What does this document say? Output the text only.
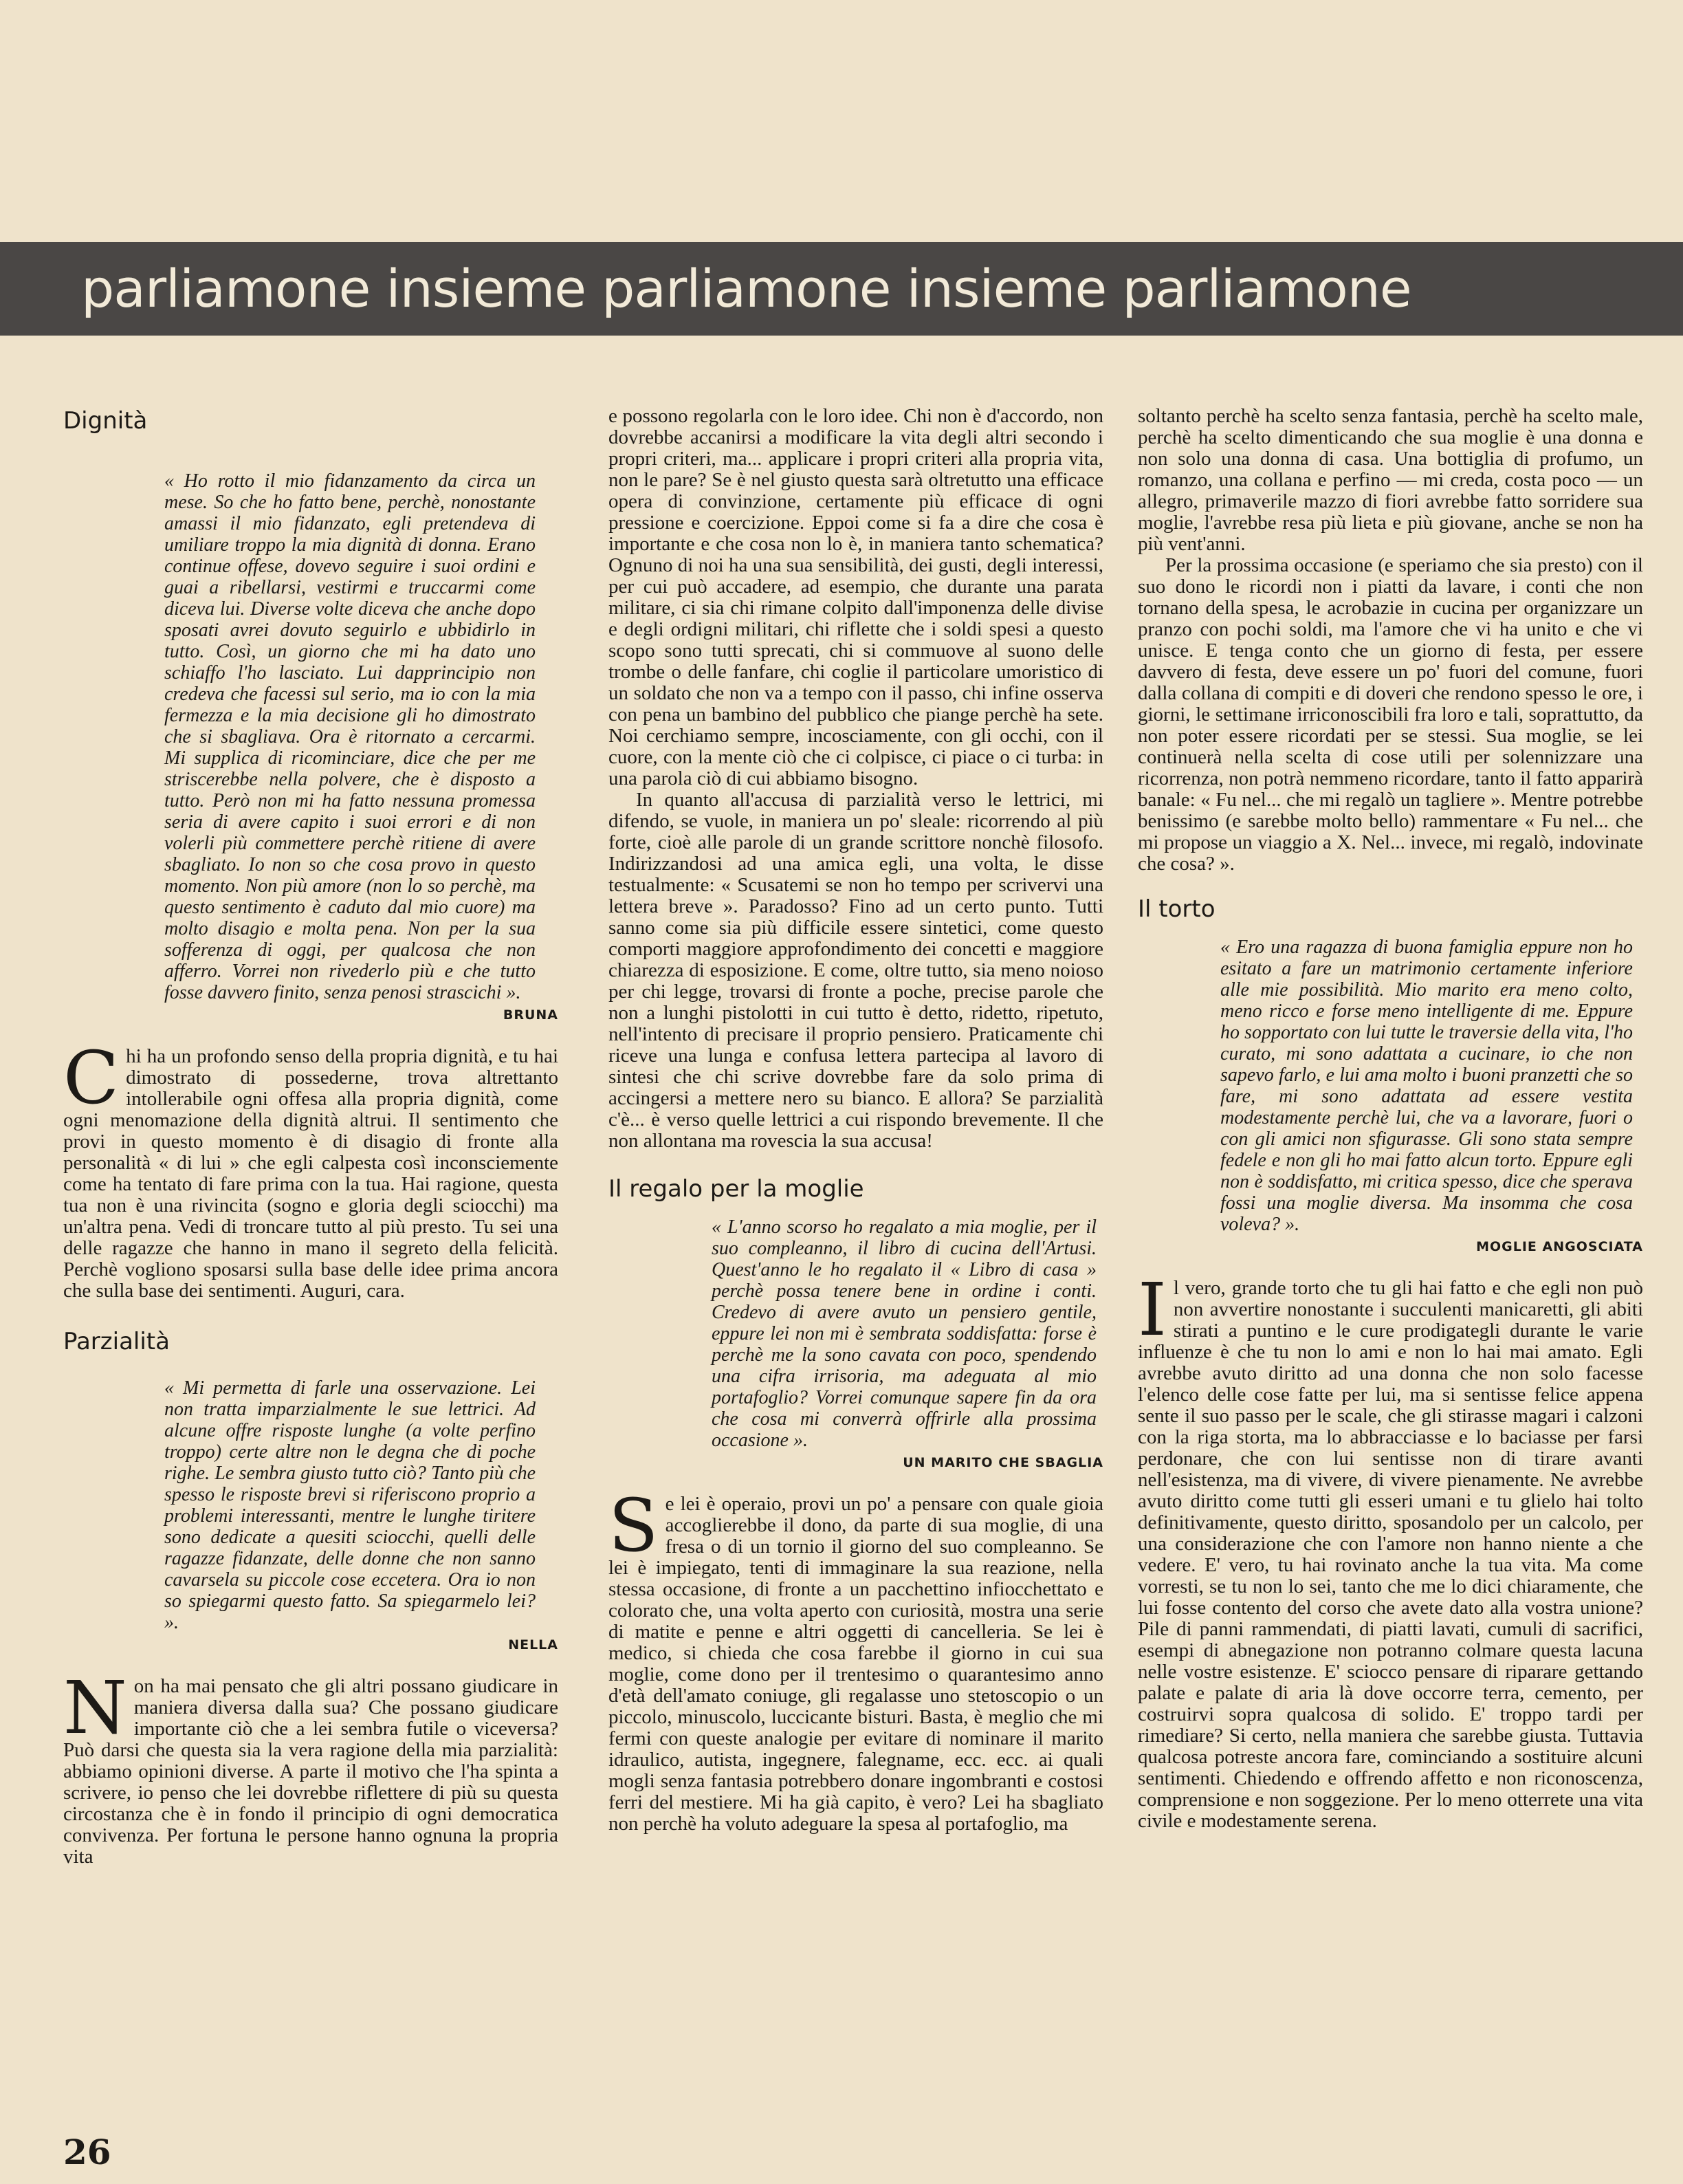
parliamone insieme parliamone insieme parliamone
Dignità

« Ho rotto il mio fidanzamento da circa un mese. So che ho fatto bene, perchè, nonostante amassi il mio fidanzato, egli pretendeva di umiliare troppo la mia dignità di donna. Erano continue offese, dovevo seguire i suoi ordini e guai a ribellarsi, vestirmi e truccarmi come diceva lui. Diverse volte diceva che anche dopo sposati avrei dovuto seguirlo e ubbidirlo in tutto. Così, un giorno che mi ha dato uno schiaffo l'ho lasciato. Lui dapprincipio non credeva che facessi sul serio, ma io con la mia fermezza e la mia decisione gli ho dimostrato che si sbagliava. Ora è ritornato a cercarmi. Mi supplica di ricominciare, dice che per me striscerebbe nella polvere, che è disposto a tutto. Però non mi ha fatto nessuna promessa seria di avere capito i suoi errori e di non volerli più commettere perchè ritiene di avere sbagliato. Io non so che cosa provo in questo momento. Non più amore (non lo so perchè, ma questo sentimento è caduto dal mio cuore) ma molto disagio e molta pena. Non per la sua sofferenza di oggi, per qualcosa che non afferro. Vorrei non rivederlo più e che tutto fosse davvero finito, senza penosi strascichi ».

BRUNA

Chi ha un profondo senso della propria dignità, e tu hai dimostrato di possederne, trova altrettanto intollerabile ogni offesa alla propria dignità, come ogni menomazione della dignità altrui. Il sentimento che provi in questo momento è di disagio di fronte alla personalità « di lui » che egli calpesta così inconsciemente come ha tentato di fare prima con la tua. Hai ragione, questa tua non è una rivincita (sogno e gloria degli sciocchi) ma un'altra pena. Vedi di troncare tutto al più presto. Tu sei una delle ragazze che hanno in mano il segreto della felicità. Perchè vogliono sposarsi sulla base delle idee prima ancora che sulla base dei sentimenti. Auguri, cara.

Parzialità

« Mi permetta di farle una osservazione. Lei non tratta imparzialmente le sue lettrici. Ad alcune offre risposte lunghe (a volte perfino troppo) certe altre non le degna che di poche righe. Le sembra giusto tutto ciò? Tanto più che spesso le risposte brevi si riferiscono proprio a problemi interessanti, mentre le lunghe tiritere sono dedicate a quesiti sciocchi, quelli delle ragazze fidanzate, delle donne che non sanno cavarsela su piccole cose eccetera. Ora io non so spiegarmi questo fatto. Sa spiegarmelo lei? ».

NELLA

Non ha mai pensato che gli altri possano giudicare in maniera diversa dalla sua? Che possano giudicare importante ciò che a lei sembra futile o viceversa? Può darsi che questa sia la vera ragione della mia parzialità: abbiamo opinioni diverse. A parte il motivo che l'ha spinta a scrivere, io penso che lei dovrebbe riflettere di più su questa circostanza che è in fondo il principio di ogni democratica convivenza. Per fortuna le persone hanno ognuna la propria vita

e possono regolarla con le loro idee. Chi non è d'accordo, non dovrebbe accanirsi a modificare la vita degli altri secondo i propri criteri, ma... applicare i propri criteri alla propria vita, non le pare? Se è nel giusto questa sarà oltretutto una efficace opera di convinzione, certamente più efficace di ogni pressione e coercizione. Eppoi come si fa a dire che cosa è importante e che cosa non lo è, in maniera tanto schematica? Ognuno di noi ha una sua sensibilità, dei gusti, degli interessi, per cui può accadere, ad esempio, che durante una parata militare, ci sia chi rimane colpito dall'imponenza delle divise e degli ordigni militari, chi riflette che i soldi spesi a questo scopo sono tutti sprecati, chi si commuove al suono delle trombe o delle fanfare, chi coglie il particolare umoristico di un soldato che non va a tempo con il passo, chi infine osserva con pena un bambino del pubblico che piange perchè ha sete. Noi cerchiamo sempre, incosciamente, con gli occhi, con il cuore, con la mente ciò che ci colpisce, ci piace o ci turba: in una parola ciò di cui abbiamo bisogno.

In quanto all'accusa di parzialità verso le lettrici, mi difendo, se vuole, in maniera un po' sleale: ricorrendo al più forte, cioè alle parole di un grande scrittore nonchè filosofo. Indirizzandosi ad una amica egli, una volta, le disse testualmente: « Scusatemi se non ho tempo per scrivervi una lettera breve ». Paradosso? Fino ad un certo punto. Tutti sanno come sia più difficile essere sintetici, come questo comporti maggiore approfondimento dei concetti e maggiore chiarezza di esposizione. E come, oltre tutto, sia meno noioso per chi legge, trovarsi di fronte a poche, precise parole che non a lunghi pistolotti in cui tutto è detto, ridetto, ripetuto, nell'intento di precisare il proprio pensiero. Praticamente chi riceve una lunga e confusa lettera partecipa al lavoro di sintesi che chi scrive dovrebbe fare da solo prima di accingersi a mettere nero su bianco. E allora? Se parzialità c'è... è verso quelle lettrici a cui rispondo brevemente. Il che non allontana ma rovescia la sua accusa!

Il regalo per la moglie

« L'anno scorso ho regalato a mia moglie, per il suo compleanno, il libro di cucina dell'Artusi. Quest'anno le ho regalato il « Libro di casa » perchè possa tenere bene in ordine i conti. Credevo di avere avuto un pensiero gentile, eppure lei non mi è sembrata soddisfatta: forse è perchè me la sono cavata con poco, spendendo una cifra irrisoria, ma adeguata al mio portafoglio? Vorrei comunque sapere fin da ora che cosa mi converrà offrirle alla prossima occasione ».

UN MARITO CHE SBAGLIA

Se lei è operaio, provi un po' a pensare con quale gioia accoglierebbe il dono, da parte di sua moglie, di una fresa o di un tornio il giorno del suo compleanno. Se lei è impiegato, tenti di immaginare la sua reazione, nella stessa occasione, di fronte a un pacchettino infiocchettato e colorato che, una volta aperto con curiosità, mostra una serie di matite e penne e altri oggetti di cancelleria. Se lei è medico, si chieda che cosa farebbe il giorno in cui sua moglie, come dono per il trentesimo o quarantesimo anno d'età dell'amato coniuge, gli regalasse uno stetoscopio o un piccolo, minuscolo, luccicante bisturi. Basta, è meglio che mi fermi con queste analogie per evitare di nominare il marito idraulico, autista, ingegnere, falegname, ecc. ecc. ai quali mogli senza fantasia potrebbero donare ingombranti e costosi ferri del mestiere. Mi ha già capito, è vero? Lei ha sbagliato non perchè ha voluto adeguare la spesa al portafoglio, ma

soltanto perchè ha scelto senza fantasia, perchè ha scelto male, perchè ha scelto dimenticando che sua moglie è una donna e non solo una donna di casa. Una bottiglia di profumo, un romanzo, una collana e perfino — mi creda, costa poco — un allegro, primaverile mazzo di fiori avrebbe fatto sorridere sua moglie, l'avrebbe resa più lieta e più giovane, anche se non ha più vent'anni.

Per la prossima occasione (e speriamo che sia presto) con il suo dono le ricordi non i piatti da lavare, i conti che non tornano della spesa, le acrobazie in cucina per organizzare un pranzo con pochi soldi, ma l'amore che vi ha unito e che vi unisce. E tenga conto che un giorno di festa, per essere davvero di festa, deve essere un po' fuori del comune, fuori dalla collana di compiti e di doveri che rendono spesso le ore, i giorni, le settimane irriconoscibili fra loro e tali, soprattutto, da non poter essere ricordati per se stessi. Sua moglie, se lei continuerà nella scelta di cose utili per solennizzare una ricorrenza, non potrà nemmeno ricordare, tanto il fatto apparirà banale: « Fu nel... che mi regalò un tagliere ». Mentre potrebbe benissimo (e sarebbe molto bello) rammentare « Fu nel... che mi propose un viaggio a X. Nel... invece, mi regalò, indovinate che cosa? ».

Il torto

« Ero una ragazza di buona famiglia eppure non ho esitato a fare un matrimonio certamente inferiore alle mie possibilità. Mio marito era meno colto, meno ricco e forse meno intelligente di me. Eppure ho sopportato con lui tutte le traversie della vita, l'ho curato, mi sono adattata a cucinare, io che non sapevo farlo, e lui ama molto i buoni pranzetti che so fare, mi sono adattata ad essere vestita modestamente perchè lui, che va a lavorare, fuori o con gli amici non sfigurasse. Gli sono stata sempre fedele e non gli ho mai fatto alcun torto. Eppure egli non è soddisfatto, mi critica spesso, dice che sperava fossi una moglie diversa. Ma insomma che cosa voleva? ».

MOGLIE ANGOSCIATA

Il vero, grande torto che tu gli hai fatto e che egli non può non avvertire nonostante i succulenti manicaretti, gli abiti stirati a puntino e le cure prodigategli durante le varie influenze è che tu non lo ami e non lo hai mai amato. Egli avrebbe avuto diritto ad una donna che non solo facesse l'elenco delle cose fatte per lui, ma si sentisse felice appena sente il suo passo per le scale, che gli stirasse magari i calzoni con la riga storta, ma lo abbracciasse e lo baciasse per farsi perdonare, che con lui sentisse non di tirare avanti nell'esistenza, ma di vivere, di vivere pienamente. Ne avrebbe avuto diritto come tutti gli esseri umani e tu glielo hai tolto definitivamente, questo diritto, sposandolo per un calcolo, per una considerazione che con l'amore non hanno niente a che vedere. E' vero, tu hai rovinato anche la tua vita. Ma come vorresti, se tu non lo sei, tanto che me lo dici chiaramente, che lui fosse contento del corso che avete dato alla vostra unione? Pile di panni rammendati, di piatti lavati, cumuli di sacrifici, esempi di abnegazione non potranno colmare questa lacuna nelle vostre esistenze. E' sciocco pensare di riparare gettando palate e palate di aria là dove occorre terra, cemento, per costruirvi sopra qualcosa di solido. E' troppo tardi per rimediare? Si certo, nella maniera che sarebbe giusta. Tuttavia qualcosa potreste ancora fare, cominciando a sostituire alcuni sentimenti. Chiedendo e offrendo affetto e non riconoscenza, comprensione e non soggezione. Per lo meno otterrete una vita civile e modestamente serena.

26
